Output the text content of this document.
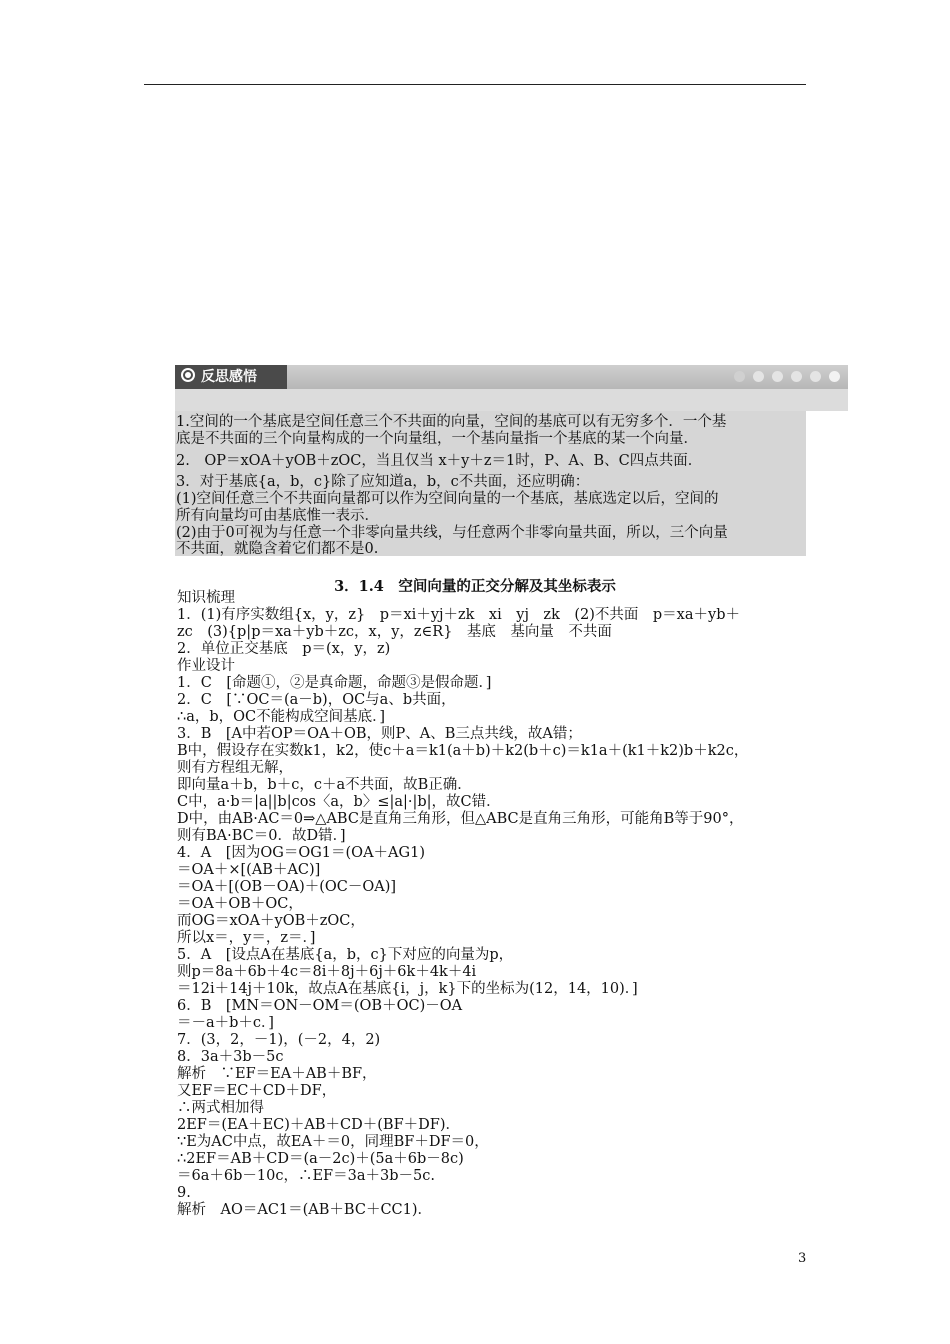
反思感悟
1.空间的一个基底是空间任意三个不共面的向量，空间的基底可以有无穷多个．一个基
底是不共面的三个向量构成的一个向量组，一个基向量指一个基底的某一个向量．
2.　OP＝xOA＋yOB＋zOC，当且仅当 x＋y＋z＝1时，P、A、B、C四点共面．
3．对于基底{a，b，c}除了应知道a，b，c不共面，还应明确：
(1)空间任意三个不共面向量都可以作为空间向量的一个基底，基底选定以后，空间的
所有向量均可由基底惟一表示．
(2)由于0可视为与任意一个非零向量共线，与任意两个非零向量共面，所以，三个向量
不共面，就隐含着它们都不是0.
3．1.4　空间向量的正交分解及其坐标表示
知识梳理
1．(1)有序实数组{x，y，z}　p＝xi＋yj＋zk　xi　yj　zk　(2)不共面　p＝xa＋yb＋
zc　(3){p|p＝xa＋yb＋zc，x，y，z∈R}　基底　基向量　不共面
2．单位正交基底　p＝(x，y，z)
作业设计
1．C　[命题①，②是真命题，命题③是假命题．]
2．C　[∵OC＝(a－b)，OC与a、b共面，
∴a，b，OC不能构成空间基底．]
3．B　[A中若OP＝OA＋OB，则P、A、B三点共线，故A错；
B中，假设存在实数k1，k2，使c＋a＝k1(a＋b)＋k2(b＋c)＝k1a＋(k1＋k2)b＋k2c，
则有方程组无解，
即向量a＋b，b＋c，c＋a不共面，故B正确．
C中，a·b＝|a||b|cos〈a，b〉≤|a|·|b|，故C错．
D中，由AB·AC＝0⇒△ABC是直角三角形，但△ABC是直角三角形，可能角B等于90°，
则有BA·BC＝0．故D错．]
4．A　[因为OG＝OG1＝(OA＋AG1)
＝OA＋×[(AB＋AC)]
＝OA＋[(OB－OA)＋(OC－OA)]
＝OA＋OB＋OC，
而OG＝xOA＋yOB＋zOC，
所以x＝，y＝，z＝．]
5．A　[设点A在基底{a，b，c}下对应的向量为p，
则p＝8a＋6b＋4c＝8i＋8j＋6j＋6k＋4k＋4i
＝12i＋14j＋10k，故点A在基底{i，j，k}下的坐标为(12，14，10)．]
6．B　[MN＝ON－OM＝(OB＋OC)－OA
＝－a＋b＋c．]
7．(3，2，－1)，(－2，4，2)
8．3a＋3b－5c
解析　∵EF＝EA＋AB＋BF，
又EF＝EC＋CD＋DF，
∴两式相加得
2EF＝(EA＋EC)＋AB＋CD＋(BF＋DF)．
∵E为AC中点，故EA＋＝0，同理BF＋DF＝0，
∴2EF＝AB＋CD＝(a－2c)＋(5a＋6b－8c)
＝6a＋6b－10c，∴EF＝3a＋3b－5c.
9.
解析　AO＝AC1＝(AB＋BC＋CC1)．
3
